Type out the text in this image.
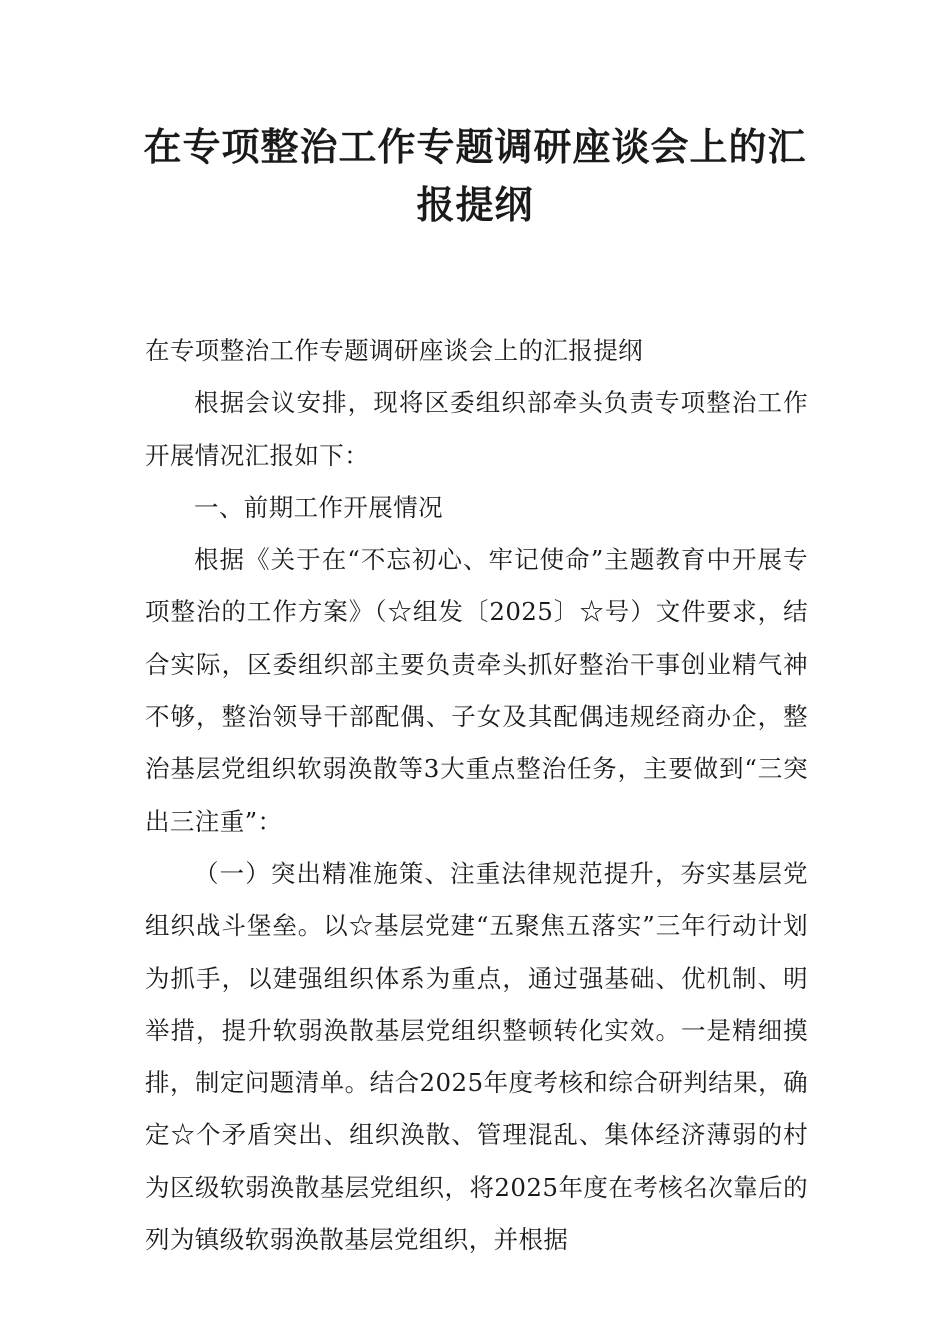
在专项整治工作专题调研座谈会上的汇报提纲

在专项整治工作专题调研座谈会上的汇报提纲

根据会议安排，现将区委组织部牵头负责专项整治工作开展情况汇报如下：

一、前期工作开展情况

根据《关于在“不忘初心、牢记使命”主题教育中开展专项整治的工作方案》（☆组发〔2025〕☆号）文件要求，结合实际，区委组织部主要负责牵头抓好整治干事创业精气神不够，整治领导干部配偶、子女及其配偶违规经商办企，整治基层党组织软弱涣散等3大重点整治任务，主要做到“三突出三注重”：

（一）突出精准施策、注重法律规范提升，夯实基层党组织战斗堡垒。以☆基层党建“五聚焦五落实”三年行动计划为抓手，以建强组织体系为重点，通过强基础、优机制、明举措，提升软弱涣散基层党组织整顿转化实效。一是精细摸排，制定问题清单。结合2025年度考核和综合研判结果，确定☆个矛盾突出、组织涣散、管理混乱、集体经济薄弱的村为区级软弱涣散基层党组织，将2025年度在考核名次靠后的列为镇级软弱涣散基层党组织，并根据
